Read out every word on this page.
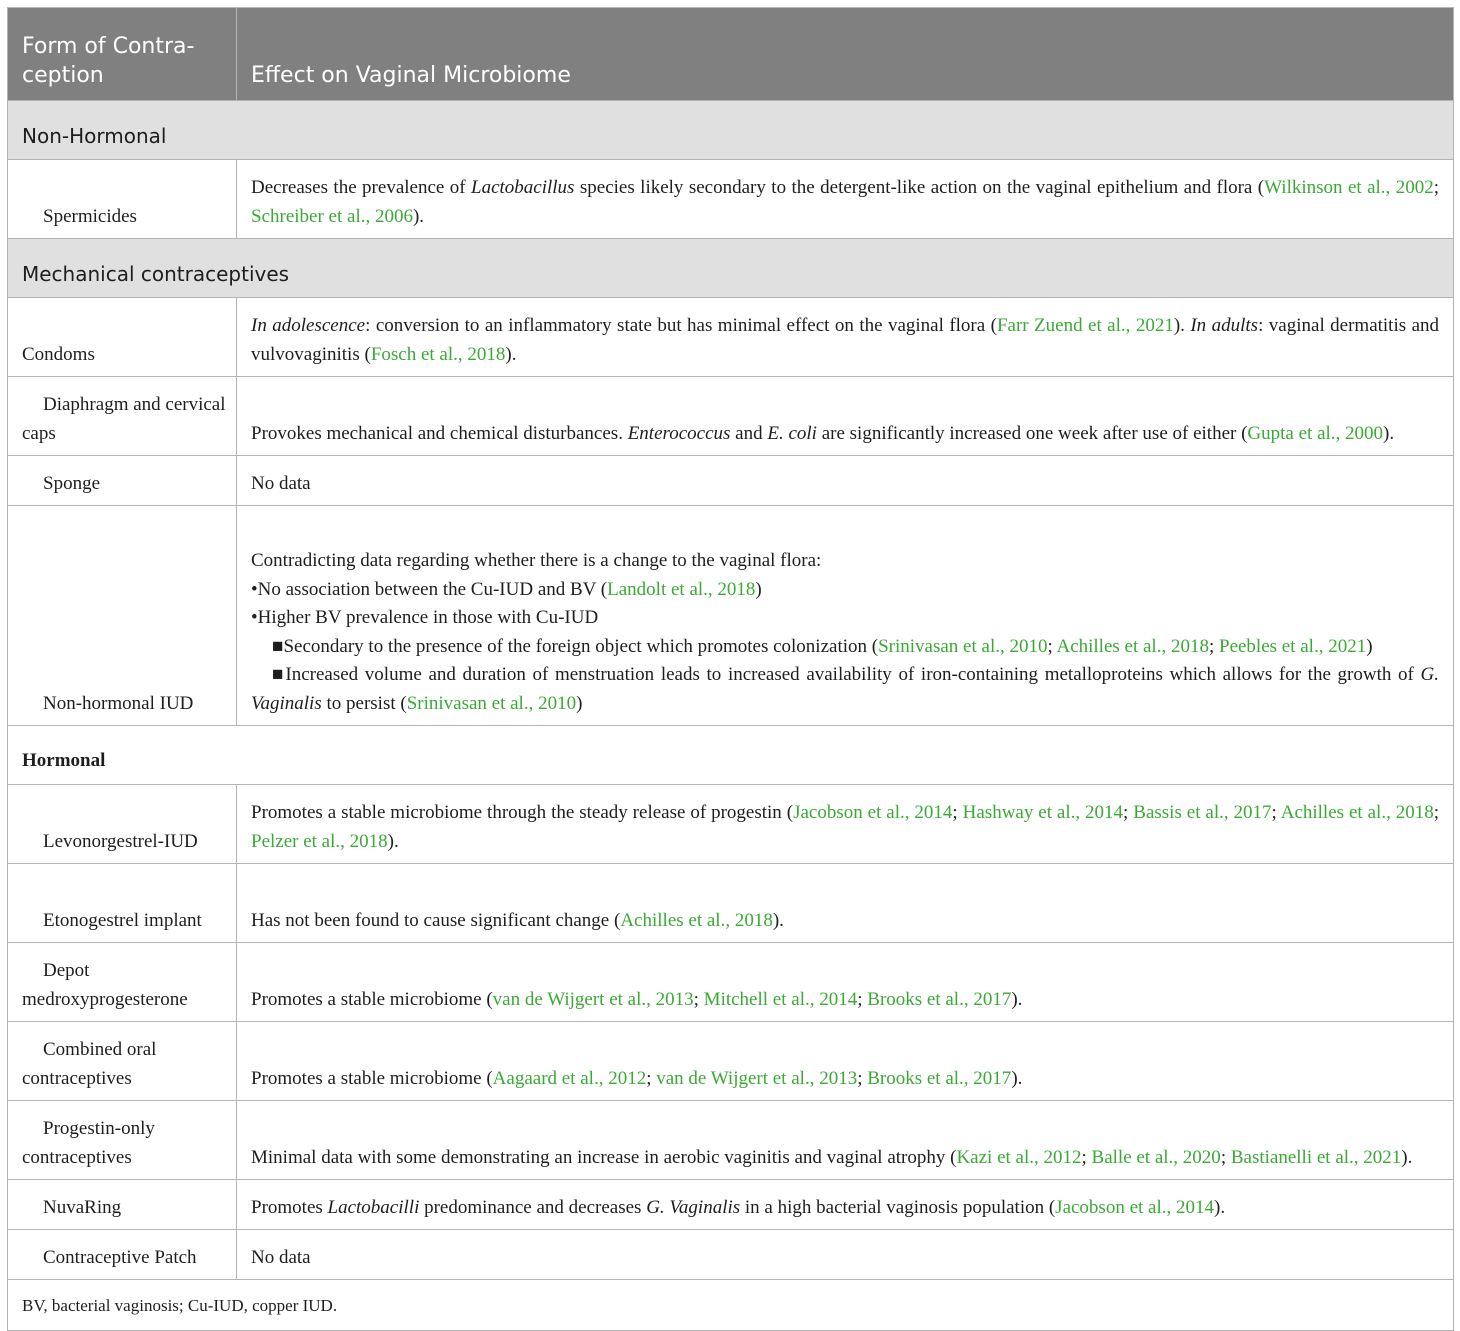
Form of Contra-ception	Effect on Vaginal Microbiome
Non-Hormonal	

Spermicides	Decreases the prevalence of Lactobacillus species likely secondary to the detergent-like action on the vaginal epithelium and flora (Wilkinson et al., 2002; Schreiber et al., 2006).
Mechanical contraceptives	

Condoms	In adolescence: conversion to an inflammatory state but has minimal effect on the vaginal flora (Farr Zuend et al., 2021). In adults: vaginal dermatitis and vulvovaginitis (Fosch et al., 2018).

Diaphragm and cervical caps	Provokes mechanical and chemical disturbances. Enterococcus and E. coli are significantly increased one week after use of either (Gupta et al., 2000).

Sponge	No data

Non-hormonal IUD	Contradicting data regarding whether there is a change to the vaginal flora:
•No association between the Cu-IUD and BV (Landolt et al., 2018)
•Higher BV prevalence in those with Cu-IUD
■Secondary to the presence of the foreign object which promotes colonization (Srinivasan et al., 2010; Achilles et al., 2018; Peebles et al., 2021)
■Increased volume and duration of menstruation leads to increased availability of iron-containing metalloproteins which allows for the growth of G. Vaginalis to persist (Srinivasan et al., 2010)

Hormonal	

Levonorgestrel-IUD	Promotes a stable microbiome through the steady release of progestin (Jacobson et al., 2014; Hashway et al., 2014; Bassis et al., 2017; Achilles et al., 2018; Pelzer et al., 2018).

Etonogestrel implant	Has not been found to cause significant change (Achilles et al., 2018).

Depot medroxyprogesterone	Promotes a stable microbiome (van de Wijgert et al., 2013; Mitchell et al., 2014; Brooks et al., 2017).

Combined oral contraceptives	Promotes a stable microbiome (Aagaard et al., 2012; van de Wijgert et al., 2013; Brooks et al., 2017).

Progestin-only contraceptives	Minimal data with some demonstrating an increase in aerobic vaginitis and vaginal atrophy (Kazi et al., 2012; Balle et al., 2020; Bastianelli et al., 2021).

NuvaRing	Promotes Lactobacilli predominance and decreases G. Vaginalis in a high bacterial vaginosis population (Jacobson et al., 2014).

Contraceptive Patch	No data
BV, bacterial vaginosis; Cu-IUD, copper IUD.	
